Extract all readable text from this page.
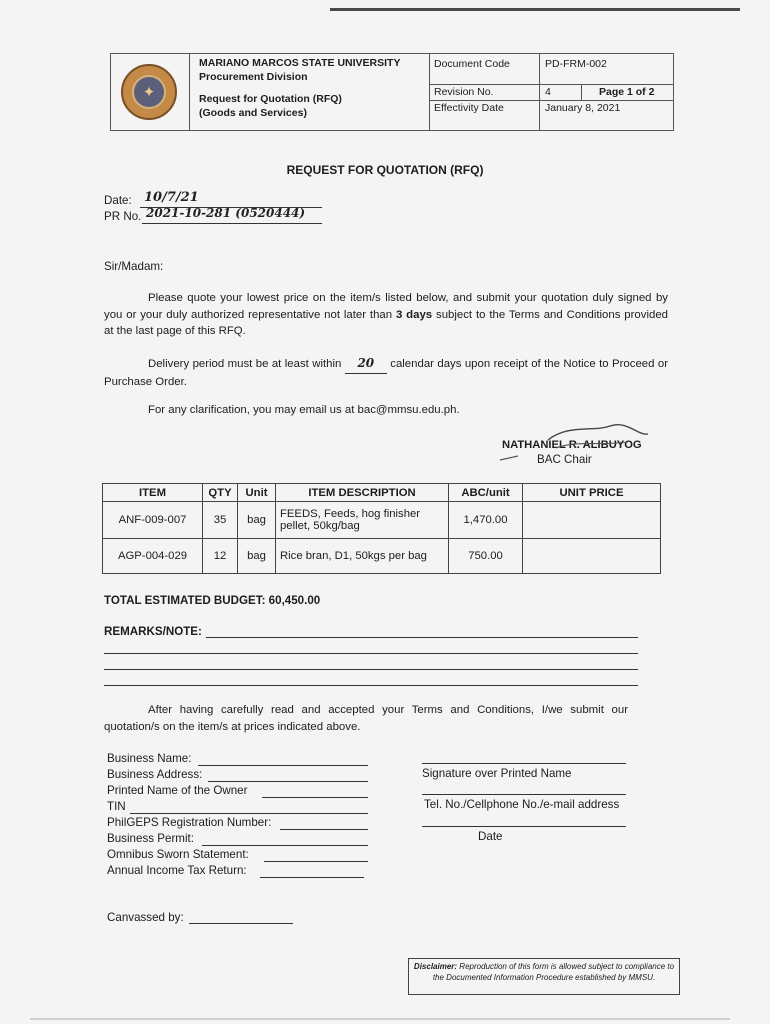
✦
MARIANO MARCOS STATE UNIVERSITY
Procurement Division
Request for Quotation (RFQ)
(Goods and Services)
Document Code	PD-FRM-002
Revision No.	4	Page 1 of 2
Effectivity Date	January 8, 2021
REQUEST FOR QUOTATION (RFQ)
Date: 10/7/21
PR No. 2021-10-281 (0520444)
Sir/Madam:
Please quote your lowest price on the item/s listed below, and submit your quotation duly signed by you or your duly authorized representative not later than 3 days subject to the Terms and Conditions provided at the last page of this RFQ.
Delivery period must be at least within 20 calendar days upon receipt of the Notice to Proceed or Purchase Order.
For any clarification, you may email us at bac@mmsu.edu.ph.
NATHANIEL R. ALIBUYOG
BAC Chair
ITEM	QTY	Unit	ITEM DESCRIPTION	ABC/unit	UNIT PRICE
ANF-009-007	35	bag	FEEDS, Feeds, hog finisher pellet, 50kg/bag	1,470.00	
AGP-004-029	12	bag	Rice bran, D1, 50kgs per bag	750.00	
TOTAL ESTIMATED BUDGET: 60,450.00
REMARKS/NOTE:
After having carefully read and accepted your Terms and Conditions, I/we submit our quotation/s on the item/s at prices indicated above.
Business Name:
Business Address:
Printed Name of the Owner
TIN
PhilGEPS Registration Number:
Business Permit:
Omnibus Sworn Statement:
Annual Income Tax Return:
Signature over Printed Name
Tel. No./Cellphone No./e-mail address
Date
Canvassed by:
Disclaimer: Reproduction of this form is allowed subject to compliance to the Documented Information Procedure established by MMSU.
